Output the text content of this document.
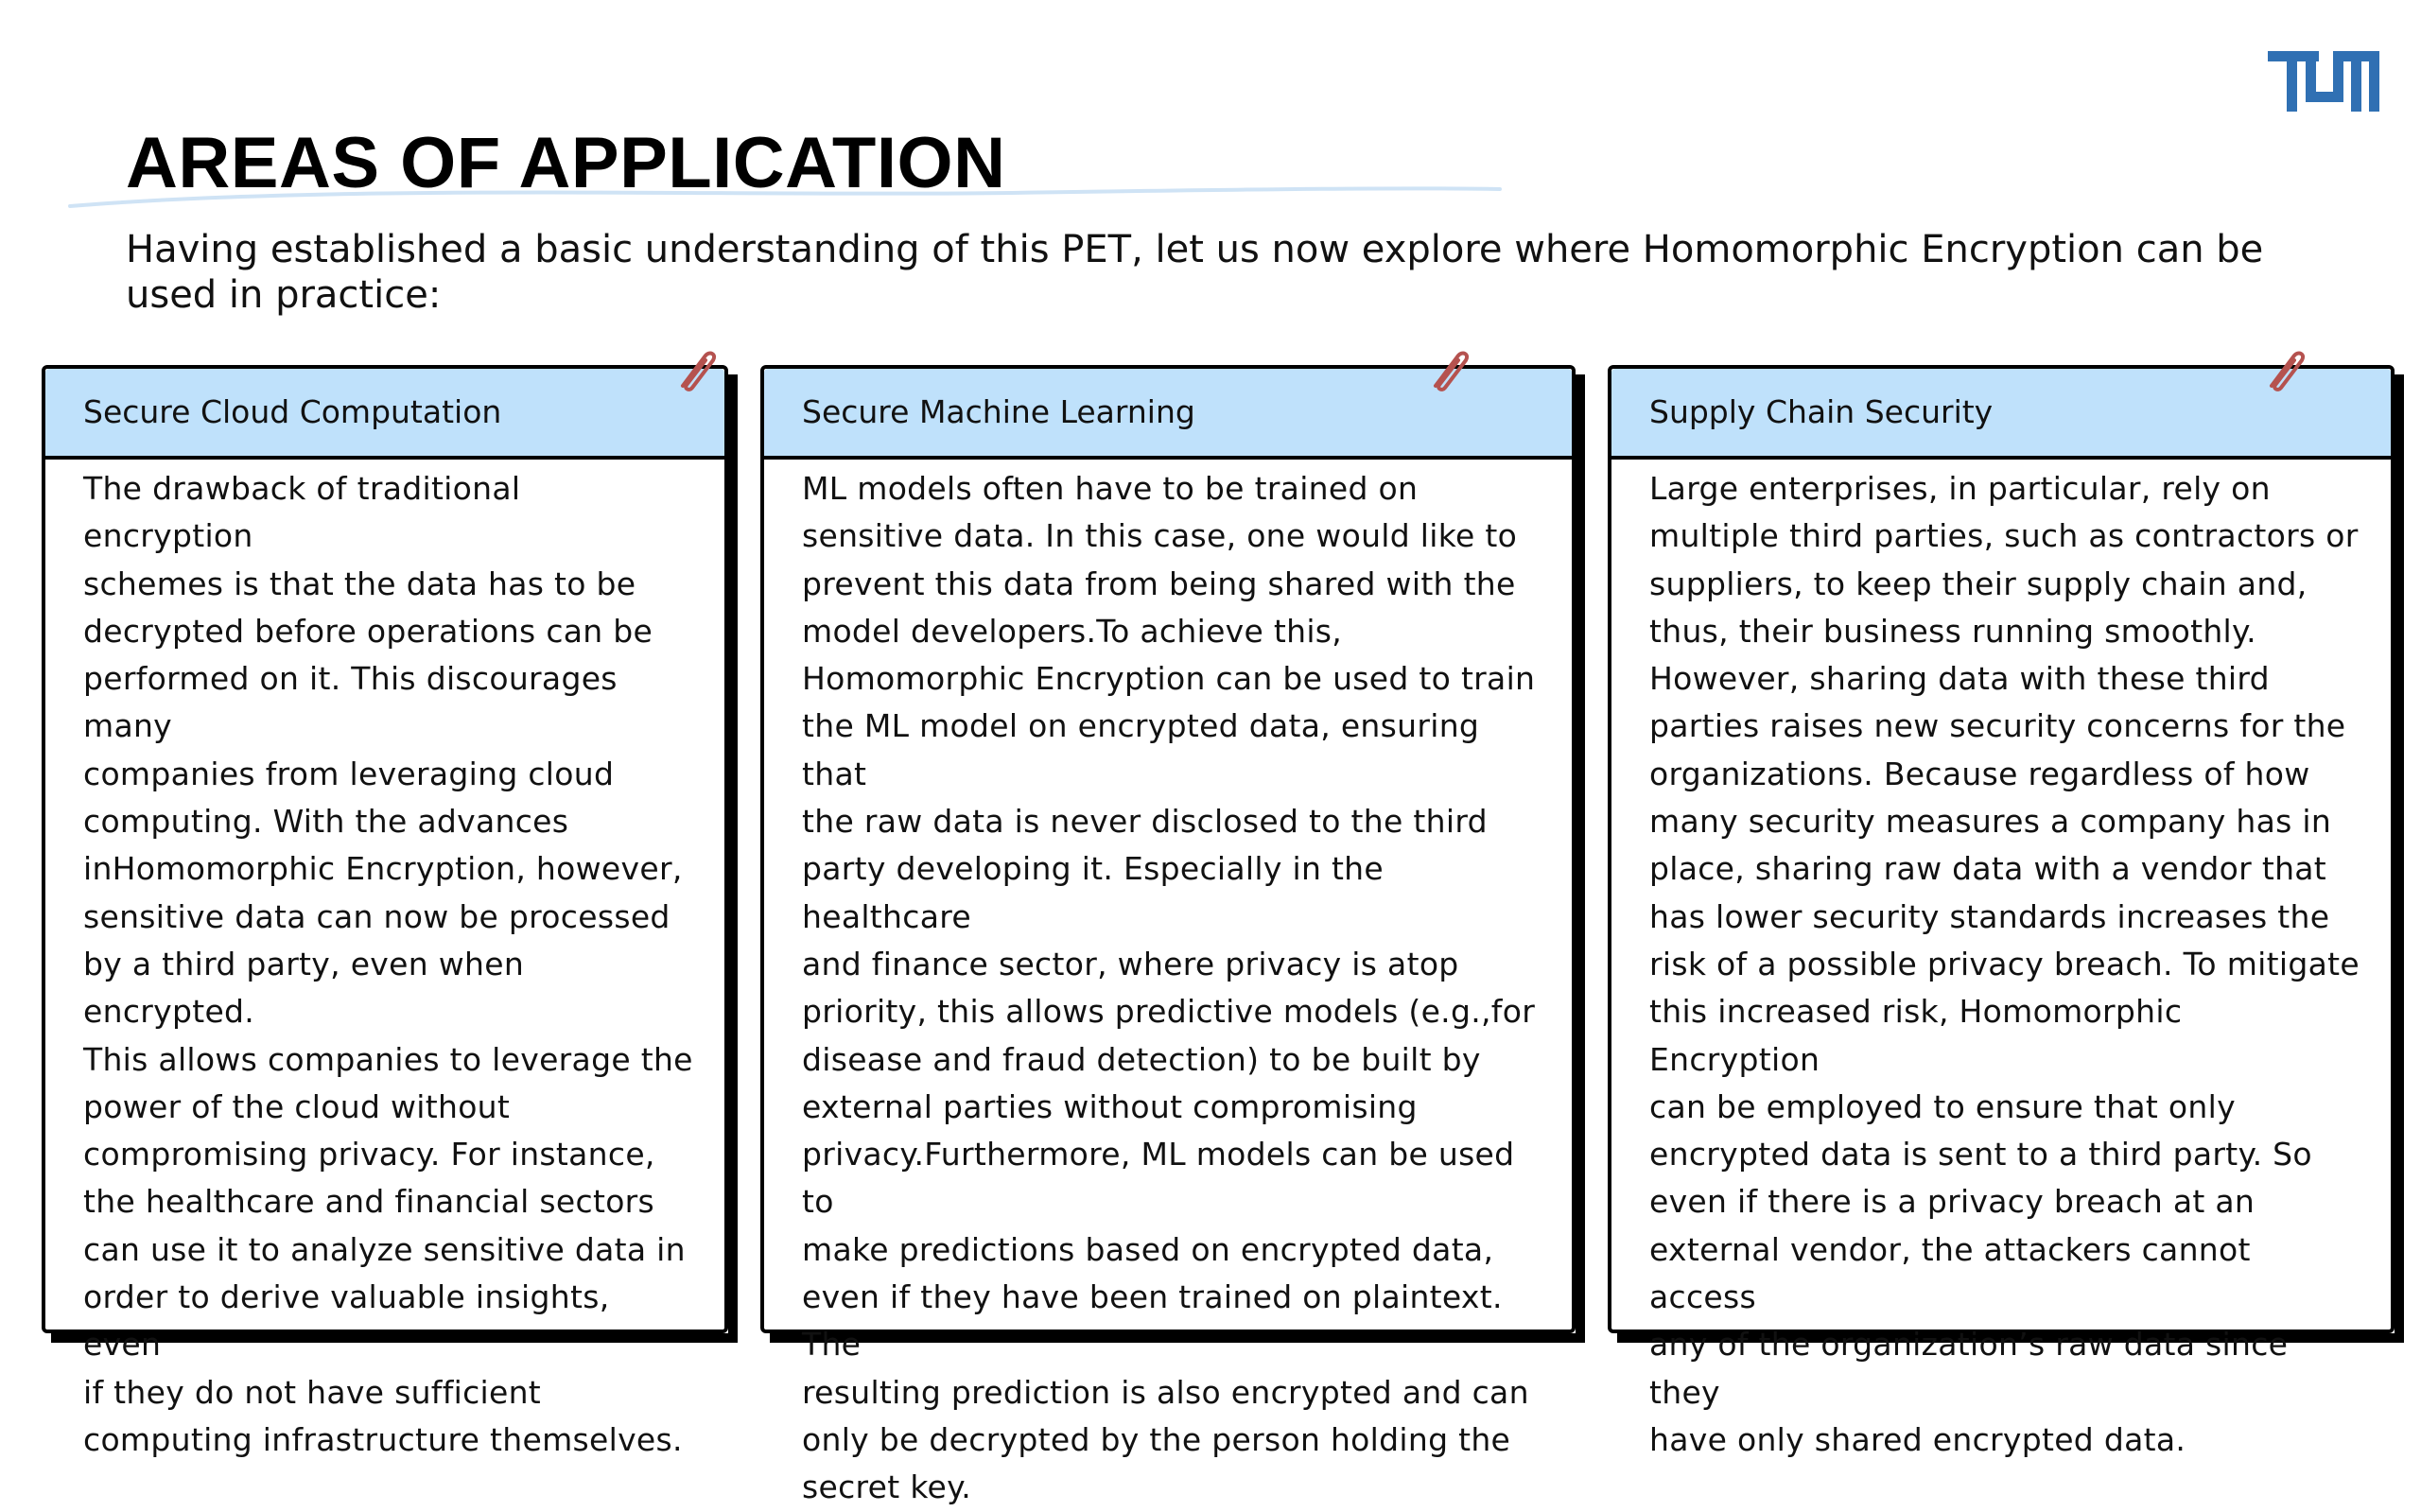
AREAS OF APPLICATION

Having established a basic understanding of this PET, let us now explore where Homomorphic Encryption can be used in practice:

Secure Cloud Computation
The drawback of traditional encryption
schemes is that the data has to be
decrypted before operations can be
performed on it. This discourages many
companies from leveraging cloud
computing. With the advances
inHomomorphic Encryption, however,
sensitive data can now be processed
by a third party, even when encrypted.
This allows companies to leverage the
power of the cloud without
compromising privacy. For instance,
the healthcare and financial sectors
can use it to analyze sensitive data in
order to derive valuable insights, even
if they do not have sufficient
computing infrastructure themselves.
Secure Machine Learning
ML models often have to be trained on
sensitive data. In this case, one would like to
prevent this data from being shared with the
model developers.To achieve this,
Homomorphic Encryption can be used to train
the ML model on encrypted data, ensuring that
the raw data is never disclosed to the third
party developing it. Especially in the healthcare
and finance sector, where privacy is atop
priority, this allows predictive models (e.g.,for
disease and fraud detection) to be built by
external parties without compromising
privacy.Furthermore, ML models can be used to
make predictions based on encrypted data,
even if they have been trained on plaintext. The
resulting prediction is also encrypted and can
only be decrypted by the person holding the
secret key.
Supply Chain Security
Large enterprises, in particular, rely on
multiple third parties, such as contractors or
suppliers, to keep their supply chain and,
thus, their business running smoothly.
However, sharing data with these third
parties raises new security concerns for the
organizations. Because regardless of how
many security measures a company has in
place, sharing raw data with a vendor that
has lower security standards increases the
risk of a possible privacy breach. To mitigate
this increased risk, Homomorphic Encryption
can be employed to ensure that only
encrypted data is sent to a third party. So
even if there is a privacy breach at an
external vendor, the attackers cannot access
any of the organization’s raw data since they
have only shared encrypted data.
